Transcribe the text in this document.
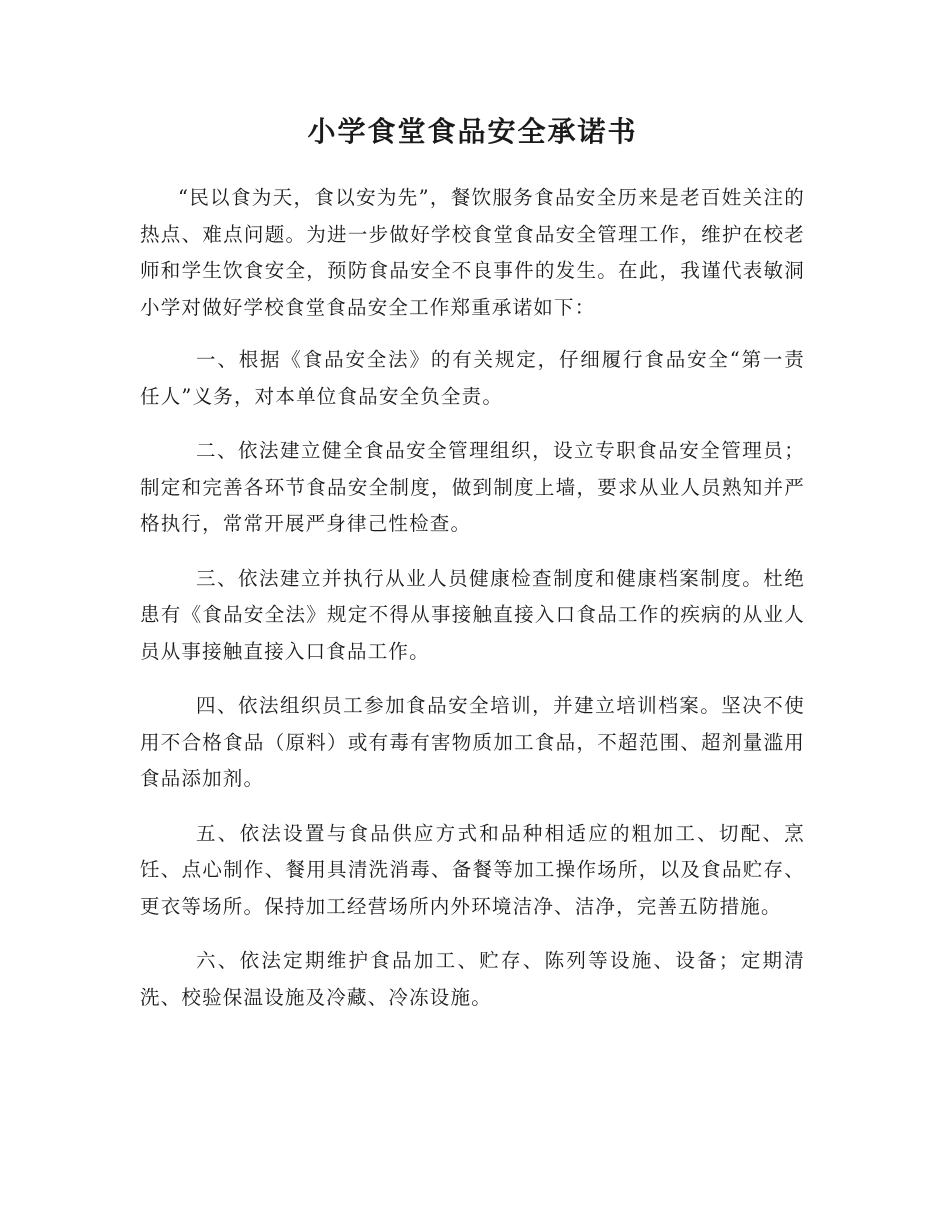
小学食堂食品安全承诺书

“民以食为天，食以安为先”，餐饮服务食品安全历来是老百姓关注的热点、难点问题。为进一步做好学校食堂食品安全管理工作，维护在校老师和学生饮食安全，预防食品安全不良事件的发生。在此，我谨代表敏洞小学对做好学校食堂食品安全工作郑重承诺如下：

一、根据《食品安全法》的有关规定，仔细履行食品安全“第一责任人”义务，对本单位食品安全负全责。

二、依法建立健全食品安全管理组织，设立专职食品安全管理员；制定和完善各环节食品安全制度，做到制度上墙，要求从业人员熟知并严格执行，常常开展严身律己性检查。

三、依法建立并执行从业人员健康检查制度和健康档案制度。杜绝患有《食品安全法》规定不得从事接触直接入口食品工作的疾病的从业人员从事接触直接入口食品工作。

四、依法组织员工参加食品安全培训，并建立培训档案。坚决不使用不合格食品（原料）或有毒有害物质加工食品，不超范围、超剂量滥用食品添加剂。

五、依法设置与食品供应方式和品种相适应的粗加工、切配、烹饪、点心制作、餐用具清洗消毒、备餐等加工操作场所，以及食品贮存、更衣等场所。保持加工经营场所内外环境洁净、洁净，完善五防措施。

六、依法定期维护食品加工、贮存、陈列等设施、设备；定期清洗、校验保温设施及冷藏、冷冻设施。
